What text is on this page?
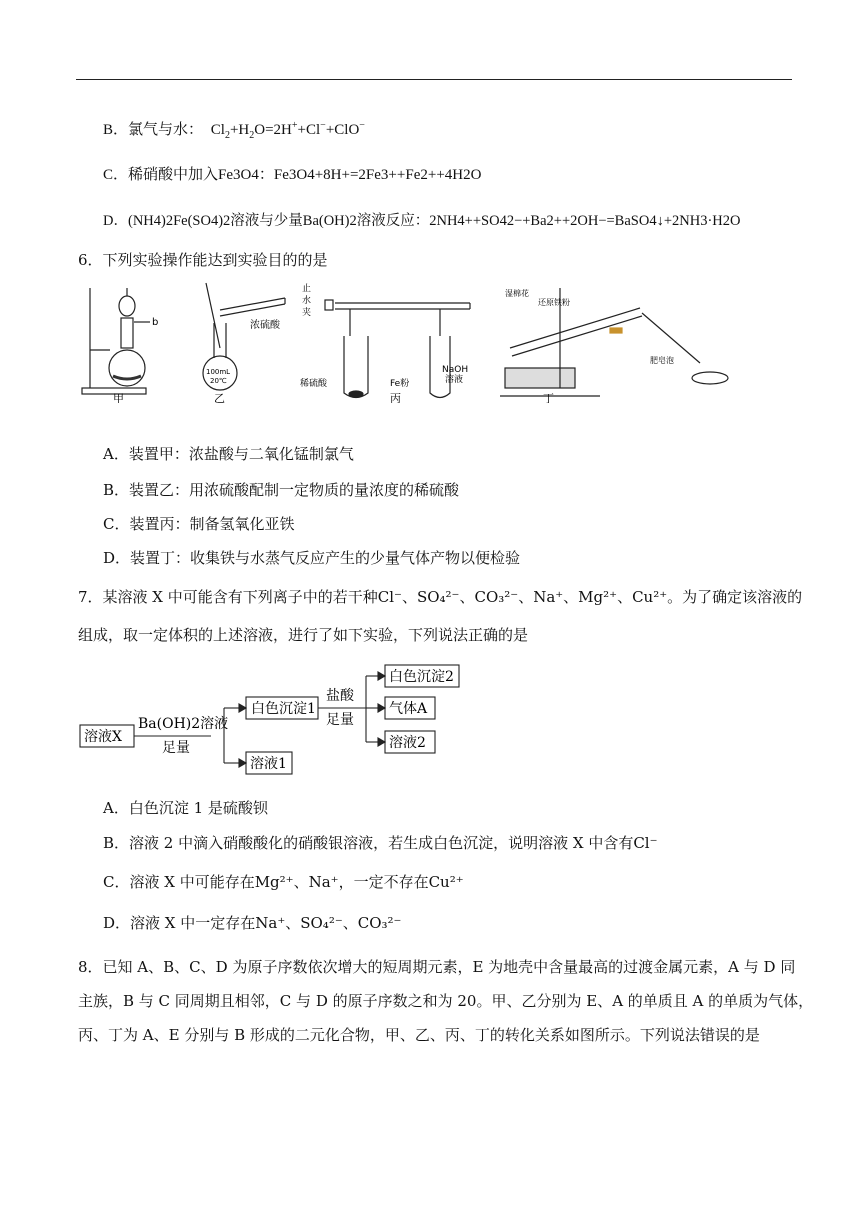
B．氯气与水： $Cl_2+H_2O=2H^++Cl^-+ClO^-$
C．稀硝酸中加入Fe3O4：Fe3O4+8H+=2Fe3++Fe2++4H2O
D．(NH4)2Fe(SO4)2溶液与少量Ba(OH)2溶液反应：2NH4++SO42−+Ba2++2OH−=BaSO4↓+2NH3·H2O
6．下列实验操作能达到实验目的的是
甲
b
乙
浓硫酸
100mL
20℃
止
水
夹
稀硫酸	Fe粉
NaOH
溶液
丙
湿棉花
还原铁粉
肥皂泡
丁
A．装置甲：浓盐酸与二氧化锰制氯气
B．装置乙：用浓硫酸配制一定物质的量浓度的稀硫酸
C．装置丙：制备氢氧化亚铁
D．装置丁：收集铁与水蒸气反应产生的少量气体产物以便检验
7．某溶液 X 中可能含有下列离子中的若干种Cl⁻、SO₄²⁻、CO₃²⁻、Na⁺、Mg²⁺、Cu²⁺。为了确定该溶液的
组成，取一定体积的上述溶液，进行了如下实验，下列说法正确的是
溶液X
Ba(OH)2溶液
足量
白色沉淀1
溶液1
盐酸
足量
白色沉淀2
气体A
溶液2
A．白色沉淀 1 是硫酸钡
B．溶液 2 中滴入硝酸酸化的硝酸银溶液，若生成白色沉淀，说明溶液 X 中含有Cl⁻
C．溶液 X 中可能存在Mg²⁺、Na⁺，一定不存在Cu²⁺
D．溶液 X 中一定存在Na⁺、SO₄²⁻、CO₃²⁻
8．已知 A、B、C、D 为原子序数依次增大的短周期元素，E 为地壳中含量最高的过渡金属元素，A 与 D 同
主族，B 与 C 同周期且相邻，C 与 D 的原子序数之和为 20。甲、乙分别为 E、A 的单质且 A 的单质为气体，
丙、丁为 A、E 分别与 B 形成的二元化合物，甲、乙、丙、丁的转化关系如图所示。下列说法错误的是
